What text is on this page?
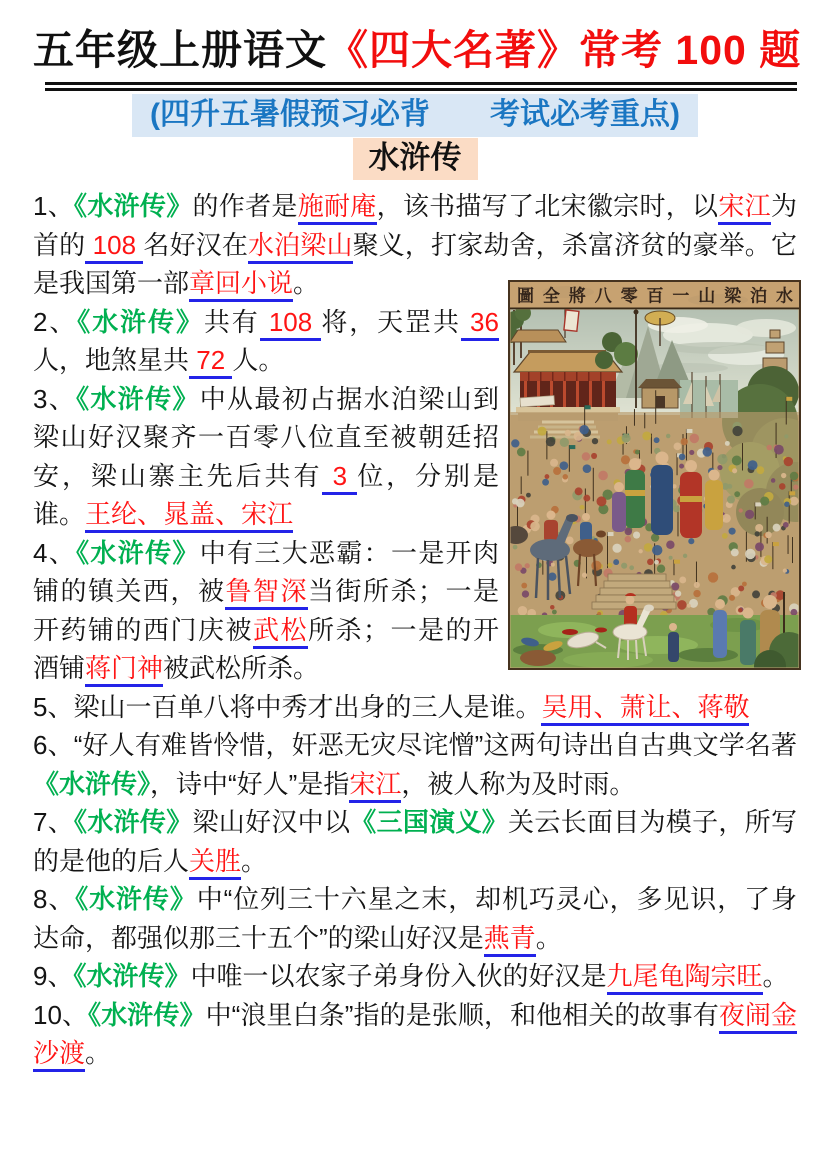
五年级上册语文《四大名著》常考 100 题
(四升五暑假预习必背　　考试必考重点)
水浒传

1、《水浒传》的作者是施耐庵，该书描写了北宋徽宗时，以宋江为首的 108 名好汉在水泊梁山聚义，打家劫舍，杀富济贫的豪举。它是我国第一部章回小说。

2、《水浒传》共有 108 将，天罡共 36 人，地煞星共 72 人。

3、《水浒传》中从最初占据水泊梁山到梁山好汉聚齐一百零八位直至被朝廷招安，梁山寨主先后共有 3 位，分别是谁。王纶、晁盖、宋江

4、《水浒传》中有三大恶霸：一是开肉铺的镇关西，被鲁智深当街所杀；一是开药铺的西门庆被武松所杀；一是的开酒铺蒋门神被武松所杀。

5、梁山一百单八将中秀才出身的三人是谁。吴用、萧让、蒋敬

6、“好人有难皆怜惜，奸恶无灾尽诧憎”这两句诗出自古典文学名著《水浒传》，诗中“好人”是指宋江，被人称为及时雨。

7、《水浒传》梁山好汉中以《三国演义》关云长面目为模子，所写的是他的后人关胜。

8、《水浒传》中“位列三十六星之末，却机巧灵心，多见识，了身达命，都强似那三十五个”的梁山好汉是燕青。

9、《水浒传》中唯一以农家子弟身份入伙的好汉是九尾龟陶宗旺。

10、《水浒传》中“浪里白条”指的是张顺，和他相关的故事有夜闹金沙渡。

圖全將八零百一山梁泊水
